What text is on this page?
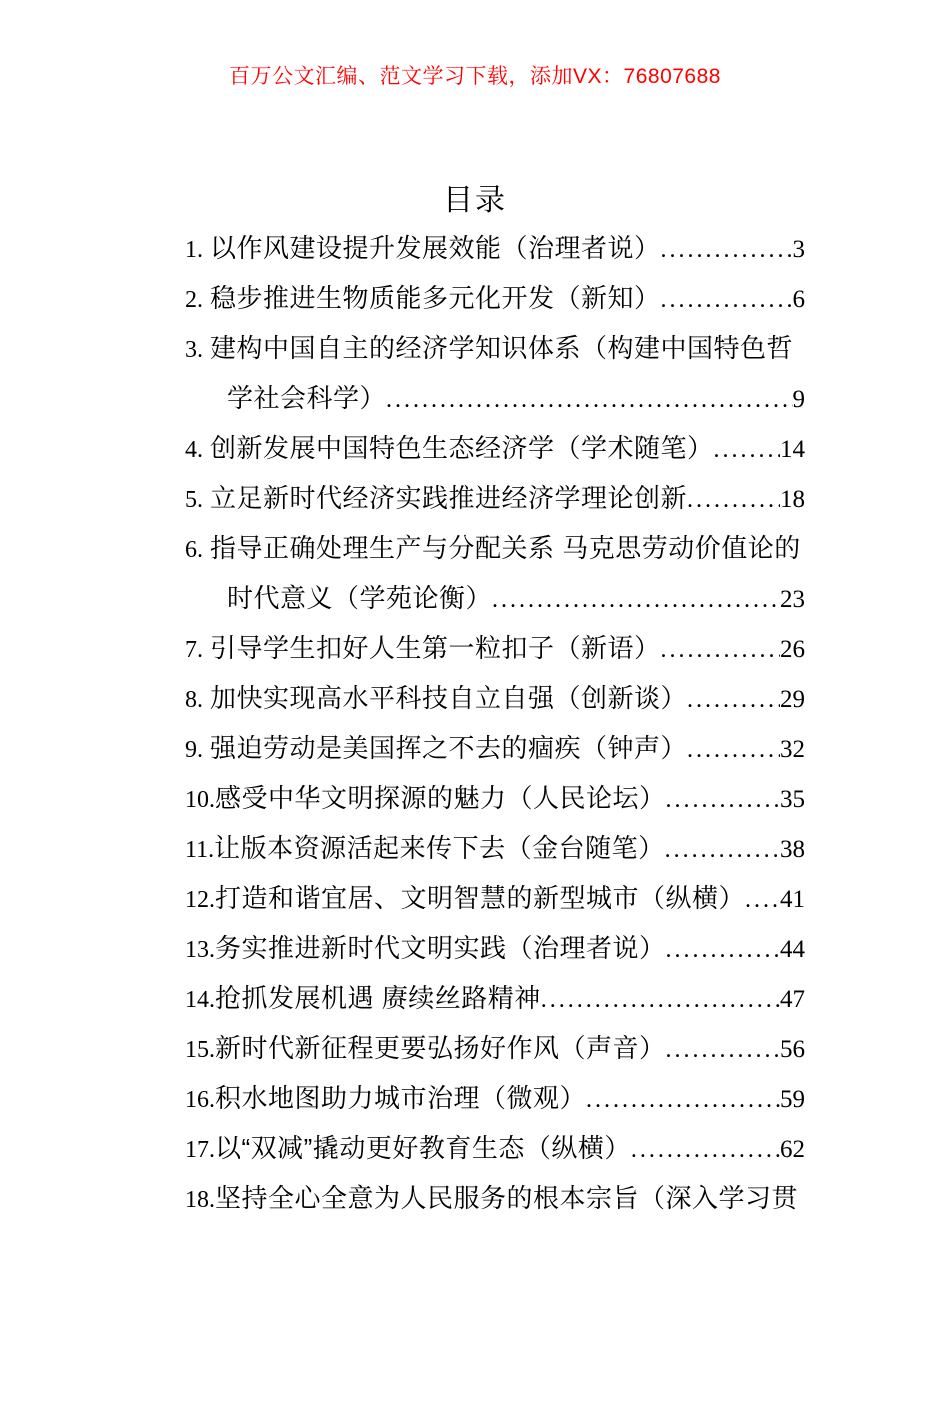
百万公文汇编、范文学习下载，添加VX：76807688
目录
1. 以作风建设提升发展效能（治理者说） .....	3
2. 稳步推进生物质能多元化开发（新知） .....	6
3. 建构中国自主的经济学知识体系（构建中国特色哲
学社会科学） .....	9
4. 创新发展中国特色生态经济学（学术随笔） .....	14
5. 立足新时代经济实践推进经济学理论创新 .....	18
6. 指导正确处理生产与分配关系 马克思劳动价值论的
时代意义（学苑论衡） .....	23
7. 引导学生扣好人生第一粒扣子（新语） .....	26
8. 加快实现高水平科技自立自强（创新谈） .....	29
9. 强迫劳动是美国挥之不去的痼疾（钟声） .....	32
10. 感受中华文明探源的魅力（人民论坛） .....	35
11. 让版本资源活起来传下去（金台随笔） .....	38
12. 打造和谐宜居、文明智慧的新型城市（纵横） ..... 41
13. 务实推进新时代文明实践（治理者说） .....	44
14. 抢抓发展机遇 赓续丝路精神 .....	47
15. 新时代新征程更要弘扬好作风（声音） .....	56
16. 积水地图助力城市治理（微观） .....	59
17. 以“双减”撬动更好教育生态（纵横） .....	62
18. 坚持全心全意为人民服务的根本宗旨（深入学习贯
